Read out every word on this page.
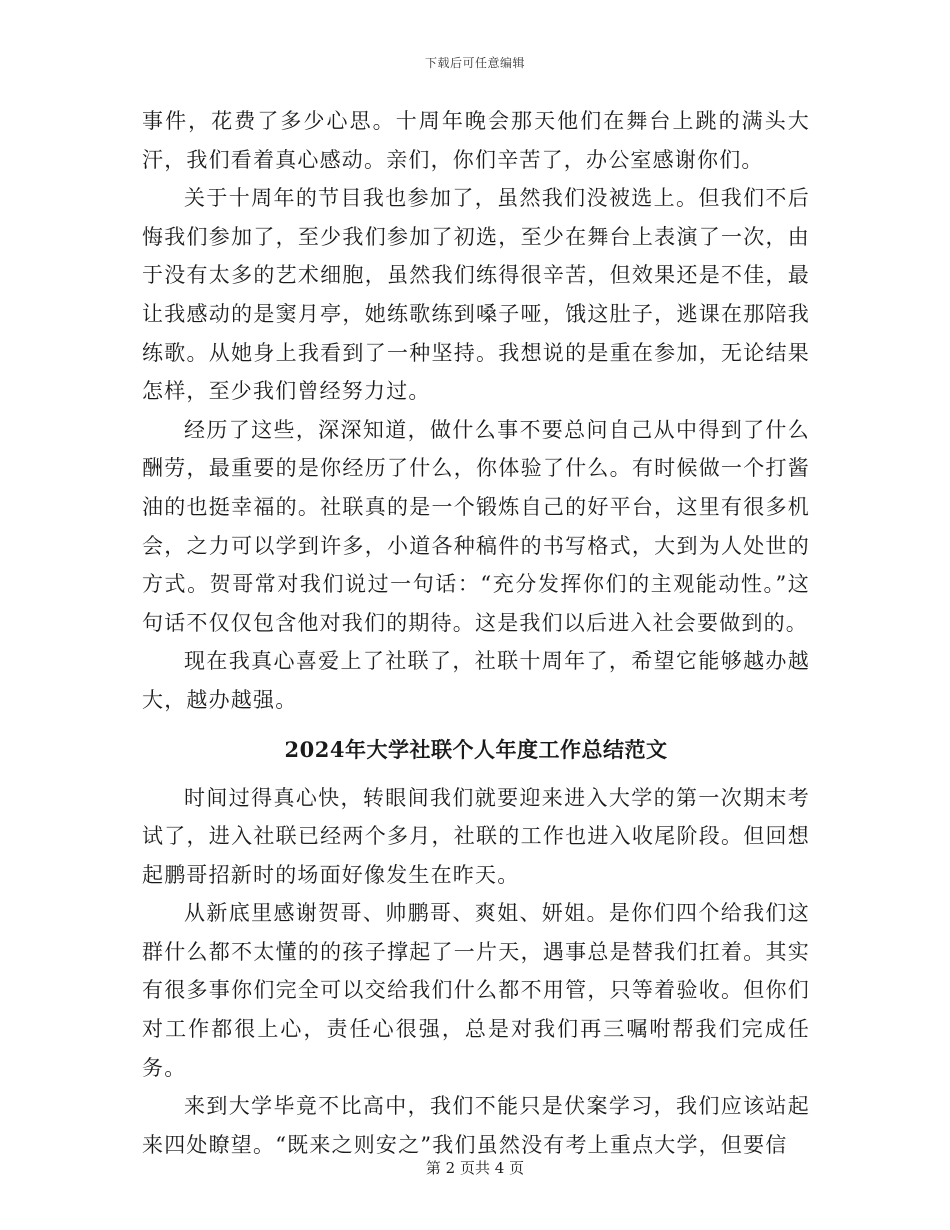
下载后可任意编辑

事件，花费了多少心思。十周年晚会那天他们在舞台上跳的满头大汗，我们看着真心感动。亲们，你们辛苦了，办公室感谢你们。

关于十周年的节目我也参加了，虽然我们没被选上。但我们不后悔我们参加了，至少我们参加了初选，至少在舞台上表演了一次，由于没有太多的艺术细胞，虽然我们练得很辛苦，但效果还是不佳，最让我感动的是窦月亭，她练歌练到嗓子哑，饿这肚子，逃课在那陪我练歌。从她身上我看到了一种坚持。我想说的是重在参加，无论结果怎样，至少我们曾经努力过。

经历了这些，深深知道，做什么事不要总问自己从中得到了什么酬劳，最重要的是你经历了什么，你体验了什么。有时候做一个打酱油的也挺幸福的。社联真的是一个锻炼自己的好平台，这里有很多机会，之力可以学到许多，小道各种稿件的书写格式，大到为人处世的方式。贺哥常对我们说过一句话：“充分发挥你们的主观能动性。”这句话不仅仅包含他对我们的期待。这是我们以后进入社会要做到的。

现在我真心喜爱上了社联了，社联十周年了，希望它能够越办越大，越办越强。

2024年大学社联个人年度工作总结范文

时间过得真心快，转眼间我们就要迎来进入大学的第一次期末考试了，进入社联已经两个多月，社联的工作也进入收尾阶段。但回想起鹏哥招新时的场面好像发生在昨天。

从新底里感谢贺哥、帅鹏哥、爽姐、妍姐。是你们四个给我们这群什么都不太懂的的孩子撑起了一片天，遇事总是替我们扛着。其实有很多事你们完全可以交给我们什么都不用管，只等着验收。但你们对工作都很上心，责任心很强，总是对我们再三嘱咐帮我们完成任务。

来到大学毕竟不比高中，我们不能只是伏案学习，我们应该站起来四处瞭望。“既来之则安之”我们虽然没有考上重点大学，但要信

第 2 页共 4 页
